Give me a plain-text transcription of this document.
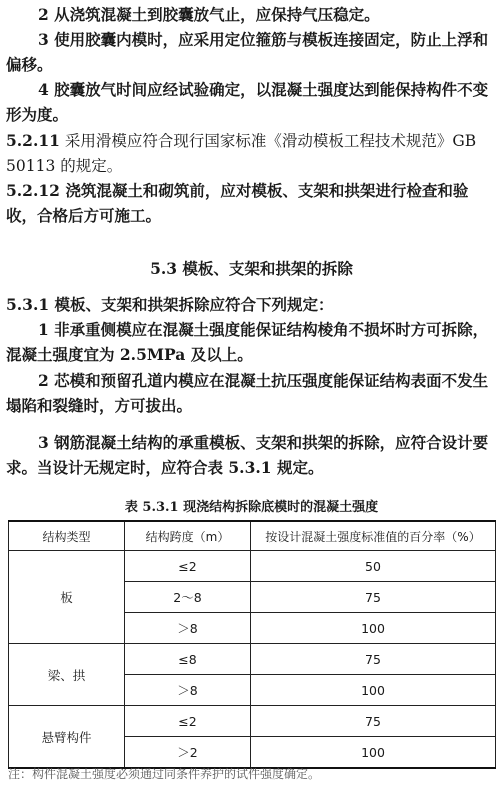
2 从浇筑混凝土到胶囊放气止，应保持气压稳定。
3 使用胶囊内模时，应采用定位箍筋与模板连接固定，防止上浮和偏移。
4 胶囊放气时间应经试验确定，以混凝土强度达到能保持构件不变形为度。
5.2.11 采用滑模应符合现行国家标准《滑动模板工程技术规范》GB 50113 的规定。
5.2.12 浇筑混凝土和砌筑前，应对模板、支架和拱架进行检查和验收，合格后方可施工。
5.3 模板、支架和拱架的拆除
5.3.1 模板、支架和拱架拆除应符合下列规定：
1 非承重侧模应在混凝土强度能保证结构棱角不损坏时方可拆除，混凝土强度宜为 2.5MPa 及以上。
2 芯模和预留孔道内模应在混凝土抗压强度能保证结构表面不发生塌陷和裂缝时，方可拔出。
3 钢筋混凝土结构的承重模板、支架和拱架的拆除，应符合设计要求。当设计无规定时，应符合表 5.3.1 规定。
表 5.3.1 现浇结构拆除底模时的混凝土强度
结构类型	结构跨度（m）	按设计混凝土强度标准值的百分率（%）
板	≤2	50
	2～8	75
	＞8	100
梁、拱	≤8	75
	＞8	100
悬臂构件	≤2	75
	＞2	100
注：构件混凝土强度必须通过同条件养护的试件强度确定。
